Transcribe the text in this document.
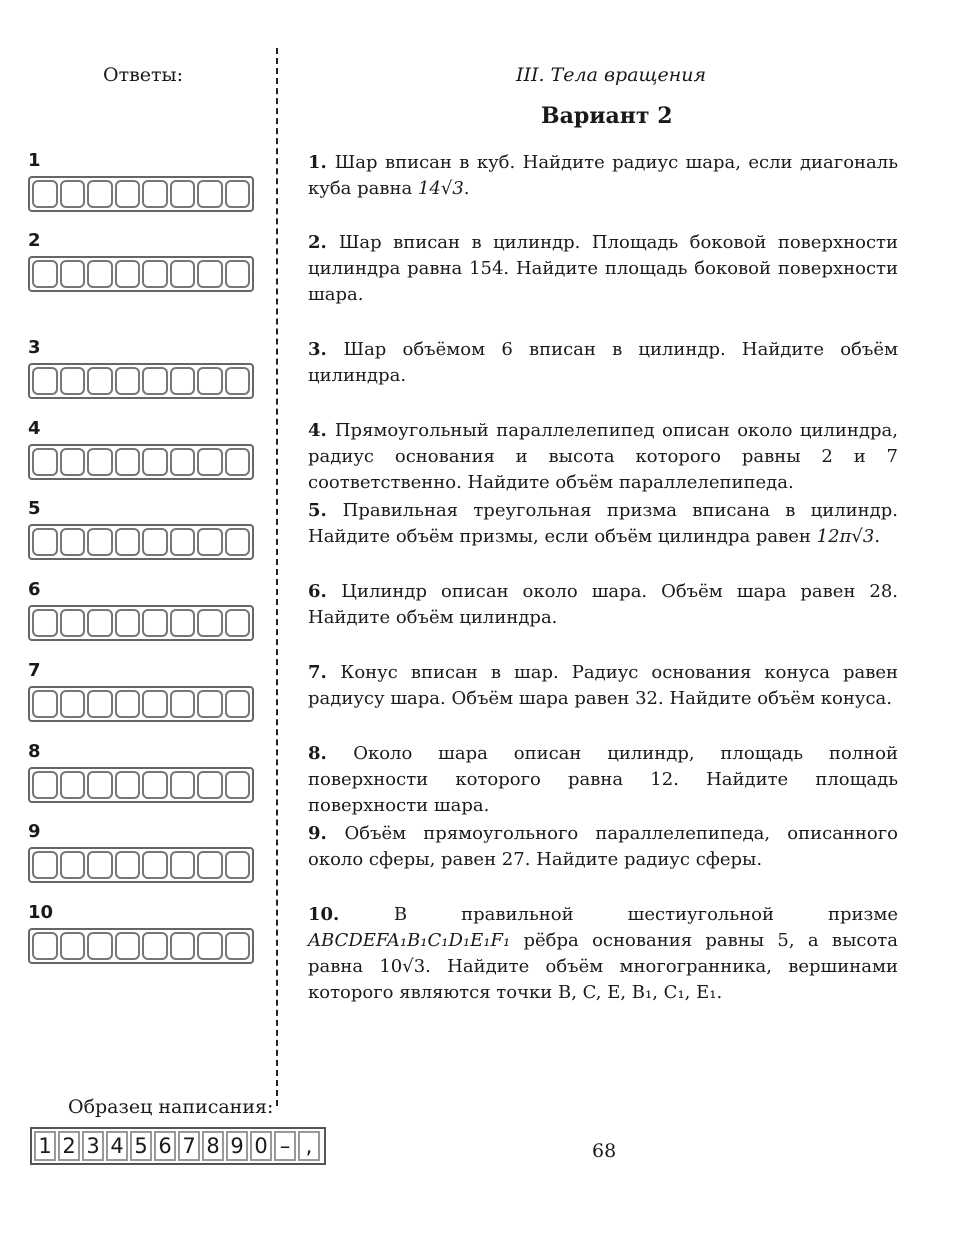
Ответы:	III. Тела вращения
Вариант 2
1
2
3
4
5
6
7
8
9
10
1. Шар вписан в куб. Найдите радиус шара, если диагональ куба равна 14√3.
2. Шар вписан в цилиндр. Площадь боковой поверхности цилиндра равна 154. Найдите площадь боковой поверхности шара.
3. Шар объёмом 6 вписан в цилиндр. Найдите объём цилиндра.
4. Прямоугольный параллелепипед описан около цилиндра, радиус основания и высота которого равны 2 и 7 соответственно. Найдите объём параллелепипеда.
5. Правильная треугольная призма вписана в цилиндр. Найдите объём призмы, если объём цилиндра равен 12π√3.
6. Цилиндр описан около шара. Объём шара равен 28. Найдите объём цилиндра.
7. Конус вписан в шар. Радиус основания конуса равен радиусу шара. Объём шара равен 32. Найдите объём конуса.
8. Около шара описан цилиндр, площадь полной поверхности которого равна 12. Найдите площадь поверхности шара.
9. Объём прямоугольного параллелепипеда, описанного около сферы, равен 27. Найдите радиус сферы.
10. В правильной шестиугольной призме ABCDEFA₁B₁C₁D₁E₁F₁ рёбра основания равны 5, а высота равна 10√3. Найдите объём многогранника, вершинами которого являются точки B, C, E, B₁, C₁, E₁.
Образец написания:
1 2 3 4 5 6 7 8 9 0 – ,	68
